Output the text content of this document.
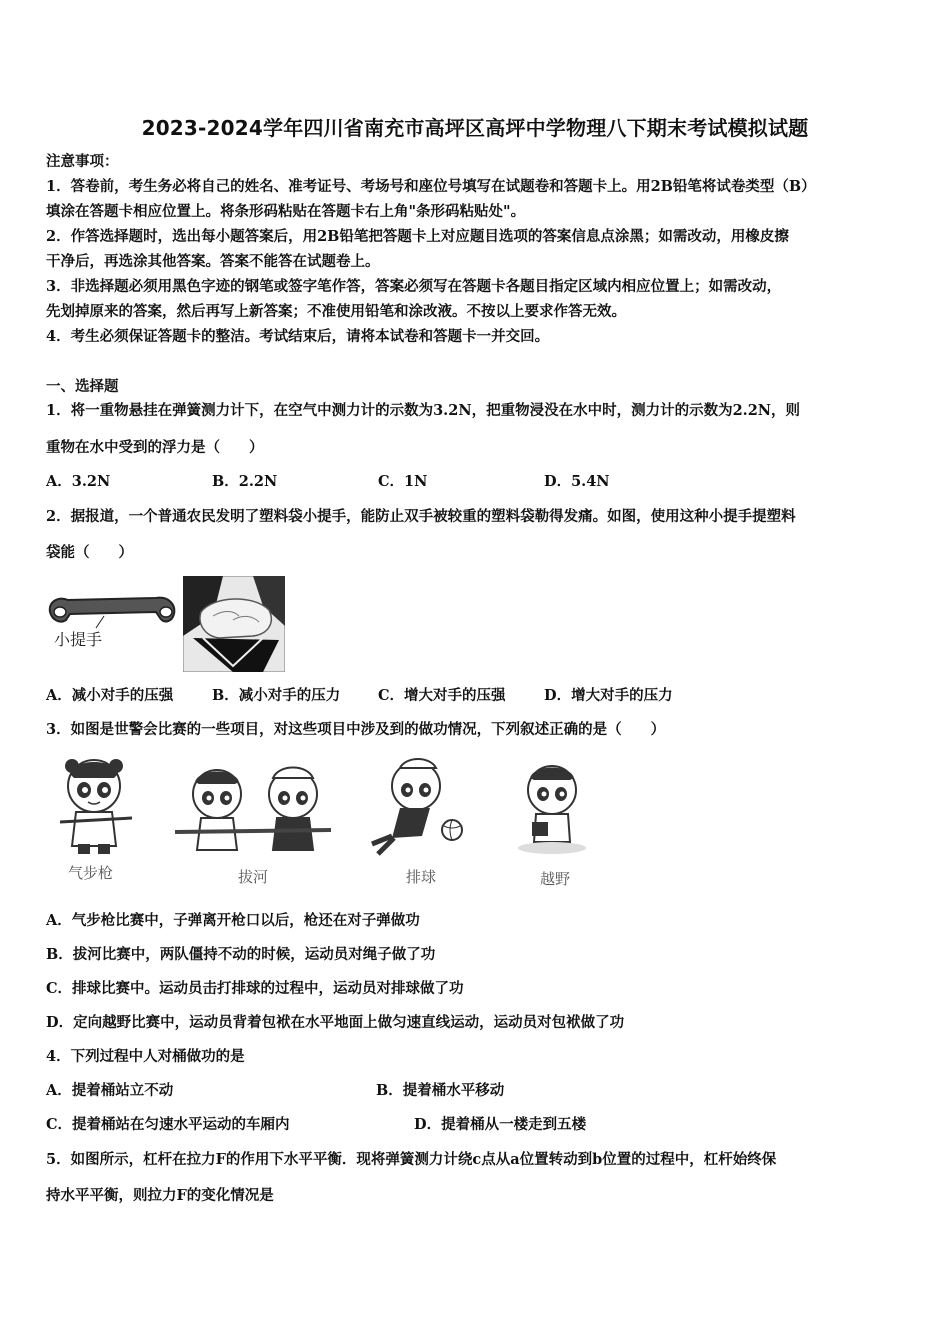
2023-2024学年四川省南充市高坪区高坪中学物理八下期末考试模拟试题
注意事项：
1．答卷前，考生务必将自己的姓名、准考证号、考场号和座位号填写在试题卷和答题卡上。用2B铅笔将试卷类型（B）
填涂在答题卡相应位置上。将条形码粘贴在答题卡右上角"条形码粘贴处"。
2．作答选择题时，选出每小题答案后，用2B铅笔把答题卡上对应题目选项的答案信息点涂黑；如需改动，用橡皮擦
干净后，再选涂其他答案。答案不能答在试题卷上。
3．非选择题必须用黑色字迹的钢笔或签字笔作答，答案必须写在答题卡各题目指定区域内相应位置上；如需改动，
先划掉原来的答案，然后再写上新答案；不准使用铅笔和涂改液。不按以上要求作答无效。
4．考生必须保证答题卡的整洁。考试结束后，请将本试卷和答题卡一并交回。
一、选择题
1．将一重物悬挂在弹簧测力计下，在空气中测力计的示数为3.2N，把重物浸没在水中时，测力计的示数为2.2N，则
重物在水中受到的浮力是（　　）
A．3.2N	B．2.2N	C．1N	D．5.4N
2．据报道，一个普通农民发明了塑料袋小提手，能防止双手被较重的塑料袋勒得发痛。如图，使用这种小提手提塑料
袋能（　　）
小提手
A．减小对手的压强	B．减小对手的压力	C．增大对手的压强	D．增大对手的压力
3．如图是世警会比赛的一些项目，对这些项目中涉及到的做功情况，下列叙述正确的是（　　）
气步枪	拔河	排球	越野
A．气步枪比赛中，子弹离开枪口以后，枪还在对子弹做功
B．拔河比赛中，两队僵持不动的时候，运动员对绳子做了功
C．排球比赛中。运动员击打排球的过程中，运动员对排球做了功
D．定向越野比赛中，运动员背着包袱在水平地面上做匀速直线运动，运动员对包袱做了功
4．下列过程中人对桶做功的是
A．提着桶站立不动	B．提着桶水平移动
C．提着桶站在匀速水平运动的车厢内	D．提着桶从一楼走到五楼
5．如图所示，杠杆在拉力F的作用下水平平衡．现将弹簧测力计绕c点从a位置转动到b位置的过程中，杠杆始终保
持水平平衡，则拉力F的变化情况是
